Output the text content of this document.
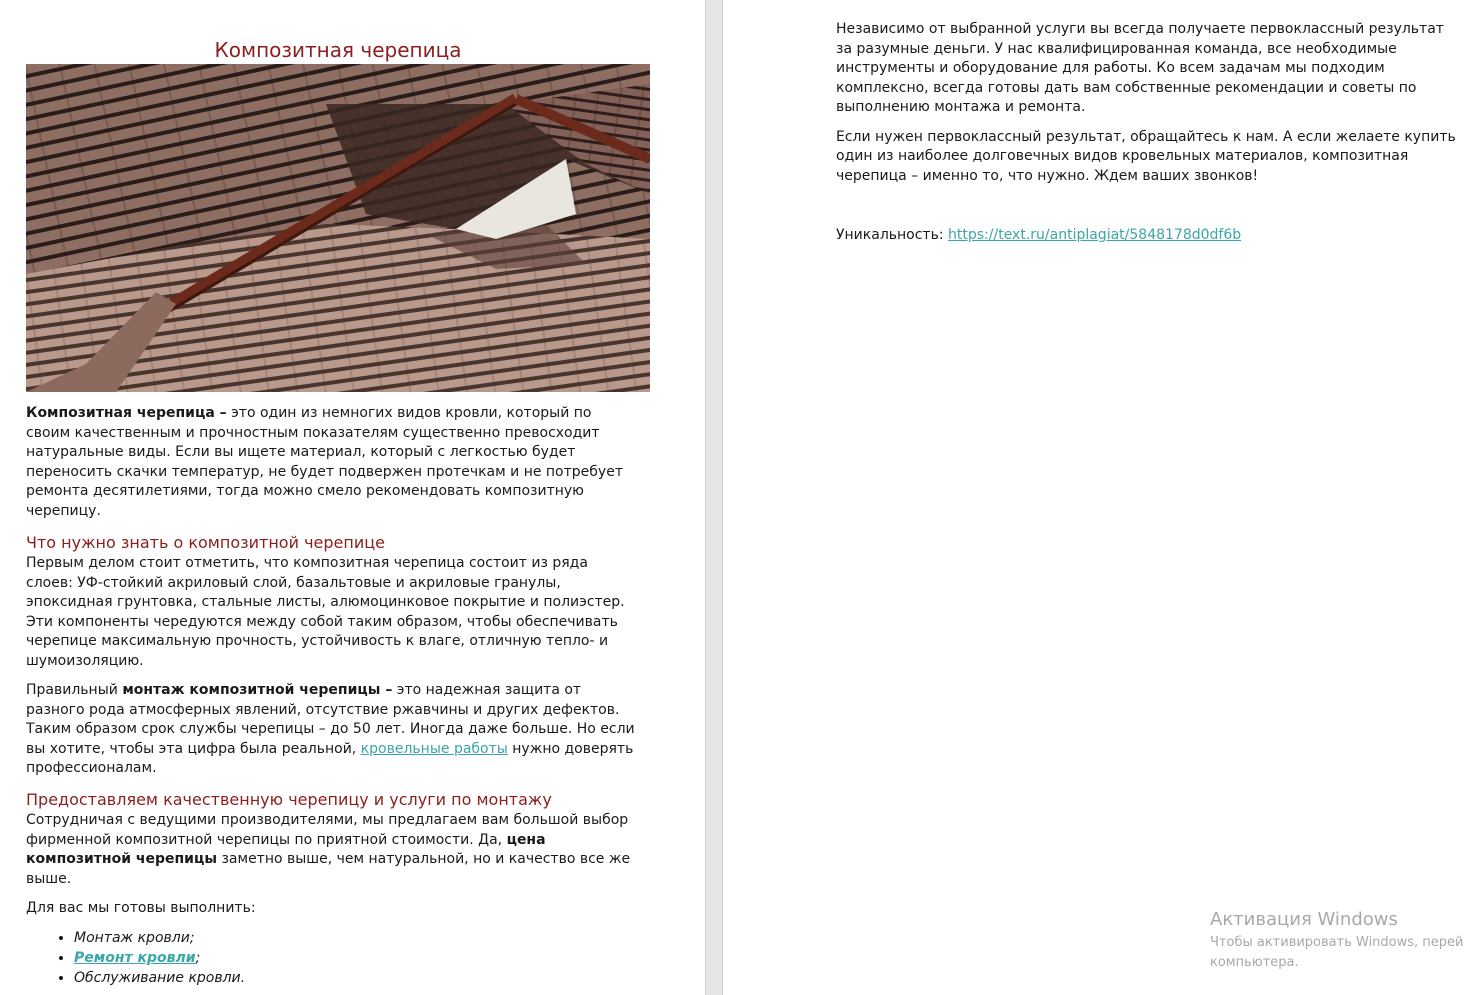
Композитная черепица

Композитная черепица – это один из немногих видов кровли, который по своим качественным и прочностным показателям существенно превосходит натуральные виды. Если вы ищете материал, который с легкостью будет переносить скачки температур, не будет подвержен протечкам и не потребует ремонта десятилетиями, тогда можно смело рекомендовать композитную черепицу.

Что нужно знать о композитной черепице

Первым делом стоит отметить, что композитная черепица состоит из ряда слоев: УФ-стойкий акриловый слой, базальтовые и акриловые гранулы, эпоксидная грунтовка, стальные листы, алюмоцинковое покрытие и полиэстер. Эти компоненты чередуются между собой таким образом, чтобы обеспечивать черепице максимальную прочность, устойчивость к влаге, отличную тепло- и шумоизоляцию.

Правильный монтаж композитной черепицы – это надежная защита от разного рода атмосферных явлений, отсутствие ржавчины и других дефектов. Таким образом срок службы черепицы – до 50 лет. Иногда даже больше. Но если вы хотите, чтобы эта цифра была реальной, кровельные работы нужно доверять профессионалам.

Предоставляем качественную черепицу и услуги по монтажу

Сотрудничая с ведущими производителями, мы предлагаем вам большой выбор фирменной композитной черепицы по приятной стоимости. Да, цена композитной черепицы заметно выше, чем натуральной, но и качество все же выше.

Для вас мы готовы выполнить:

• Монтаж кровли;
• Ремонт кровли;
• Обслуживание кровли.

Независимо от выбранной услуги вы всегда получаете первоклассный результат за разумные деньги. У нас квалифицированная команда, все необходимые инструменты и оборудование для работы. Ко всем задачам мы подходим комплексно, всегда готовы дать вам собственные рекомендации и советы по выполнению монтажа и ремонта.

Если нужен первоклассный результат, обращайтесь к нам. А если желаете купить один из наиболее долговечных видов кровельных материалов, композитная черепица – именно то, что нужно. Ждем ваших звонков!

Уникальность: https://text.ru/antiplagiat/5848178d0df6b

Активация Windows
Чтобы активировать Windows, перей
компьютера.
